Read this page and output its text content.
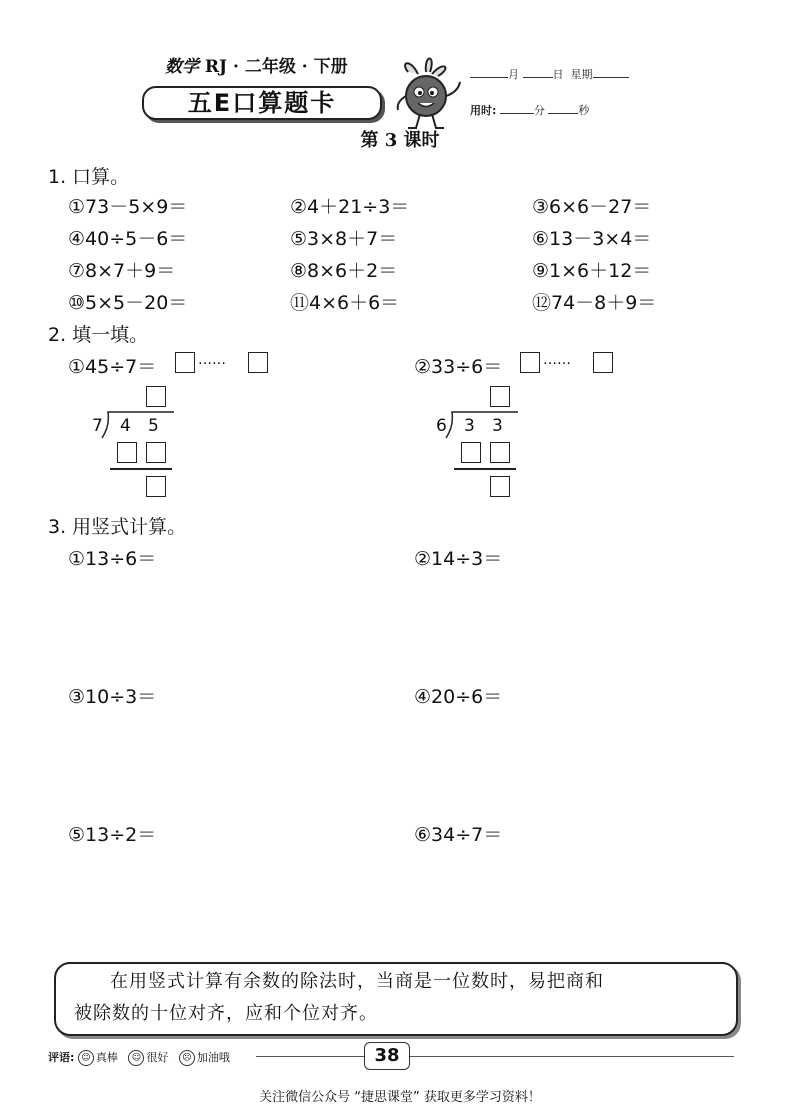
数学 RJ · 二年级 · 下册
五E口算题卡
月	日 星期
用时:	分	秒
第 3 课时
1. 口算。
①73－5×9＝	②4＋21÷3＝	③6×6－27＝
④40÷5－6＝	⑤3×8＋7＝	⑥13－3×4＝
⑦8×7＋9＝	⑧8×6＋2＝	⑨1×6＋12＝
⑩5×5－20＝	⑪4×6＋6＝	⑫74－8＋9＝
2. 填一填。
①45÷7＝	……
7 4 5
②33÷6＝	……
6 3 3
3. 用竖式计算。
①13÷6＝	②14÷3＝
③10÷3＝	④20÷6＝
⑤13÷2＝	⑥34÷7＝

在用竖式计算有余数的除法时，当商是一位数时，易把商和

被除数的十位对齐，应和个位对齐。

评语: ☺ 真棒 ☺ 很好 ☹ 加油哦	38
关注微信公众号 “捷思课堂” 获取更多学习资料！
